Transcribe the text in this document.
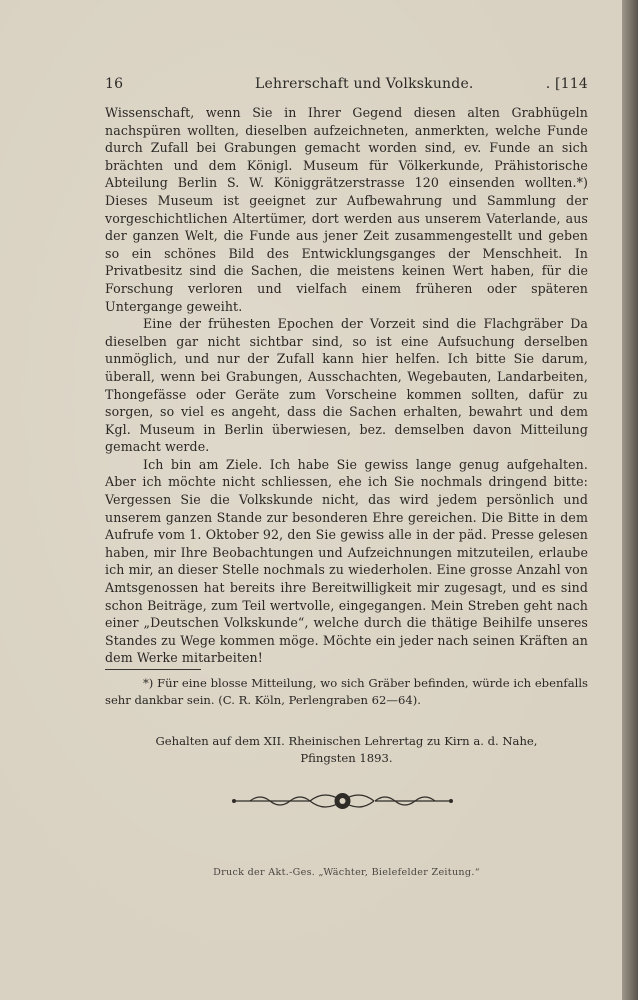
16	Lehrerschaft und Volkskunde.	. [114

Wissenschaft, wenn Sie in Ihrer Gegend diesen alten Grabhügeln nachspüren wollten, dieselben aufzeichneten, anmerkten, welche Funde durch Zufall bei Grabungen gemacht worden sind, ev. Funde an sich brächten und dem Königl. Museum für Völkerkunde, Prähistorische Abteilung Berlin S. W. Königgrätzerstrasse 120 einsenden wollten.*) Dieses Museum ist geeignet zur Aufbewahrung und Sammlung der vorgeschichtlichen Altertümer, dort werden aus unserem Vaterlande, aus der ganzen Welt, die Funde aus jener Zeit zusammengestellt und geben so ein schönes Bild des Entwicklungsganges der Menschheit. In Privatbesitz sind die Sachen, die meistens keinen Wert haben, für die Forschung verloren und vielfach einem früheren oder späteren Untergange geweiht.

Eine der frühesten Epochen der Vorzeit sind die Flachgräber Da dieselben gar nicht sichtbar sind, so ist eine Aufsuchung derselben unmöglich, und nur der Zufall kann hier helfen. Ich bitte Sie darum, überall, wenn bei Grabungen, Ausschachten, Wegebauten, Landarbeiten, Thongefässe oder Geräte zum Vorscheine kommen sollten, dafür zu sorgen, so viel es angeht, dass die Sachen erhalten, bewahrt und dem Kgl. Museum in Berlin überwiesen, bez. demselben davon Mitteilung gemacht werde.

Ich bin am Ziele. Ich habe Sie gewiss lange genug aufgehalten. Aber ich möchte nicht schliessen, ehe ich Sie nochmals dringend bitte: Vergessen Sie die Volkskunde nicht, das wird jedem persönlich und unserem ganzen Stande zur besonderen Ehre gereichen. Die Bitte in dem Aufrufe vom 1. Oktober 92, den Sie gewiss alle in der päd. Presse gelesen haben, mir Ihre Beobachtungen und Aufzeichnungen mitzuteilen, erlaube ich mir, an dieser Stelle nochmals zu wiederholen. Eine grosse Anzahl von Amtsgenossen hat bereits ihre Bereitwilligkeit mir zugesagt, und es sind schon Beiträge, zum Teil wertvolle, eingegangen. Mein Streben geht nach einer „Deutschen Volkskunde“, welche durch die thätige Beihilfe unseres Standes zu Wege kommen möge. Möchte ein jeder nach seinen Kräften an dem Werke mitarbeiten!

*) Für eine blosse Mitteilung, wo sich Gräber befinden, würde ich ebenfalls sehr dankbar sein. (C. R. Köln, Perlengraben 62—64).
Gehalten auf dem XII. Rheinischen Lehrertag zu Kirn a. d. Nahe,
Pfingsten 1893.
Druck der Akt.-Ges. „Wächter, Bielefelder Zeitung.“
